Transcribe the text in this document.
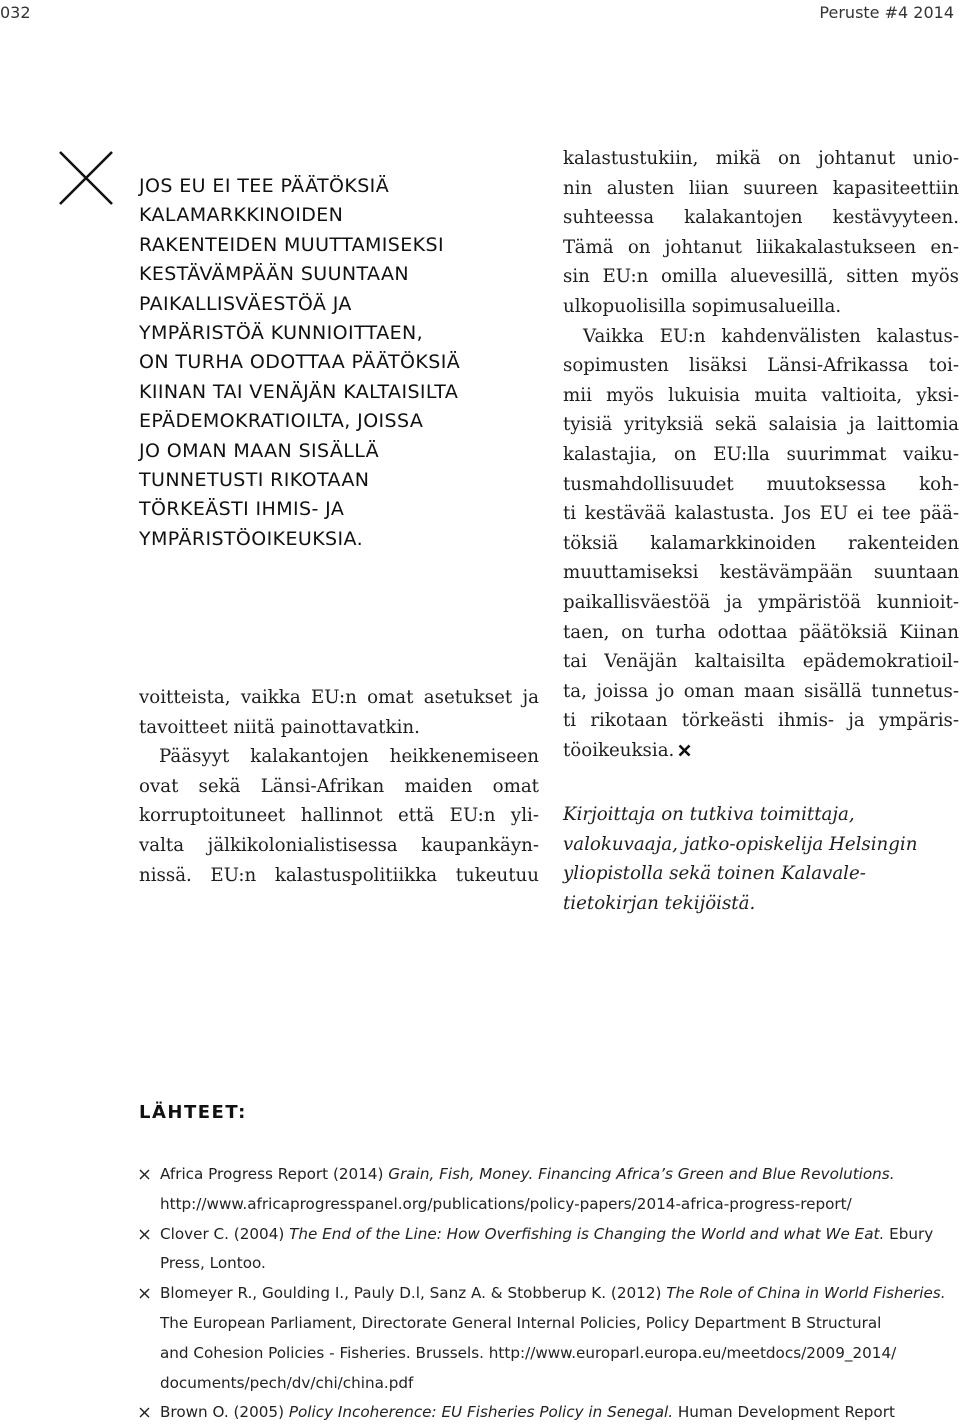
032	Peruste #4 2014
JOS EU EI TEE PÄÄTÖKSIÄ
KALAMARKKINOIDEN
RAKENTEIDEN MUUTTAMISEKSI
KESTÄVÄMPÄÄN SUUNTAAN
PAIKALLISVÄESTÖÄ JA
YMPÄRISTÖÄ KUNNIOITTAEN,
ON TURHA ODOTTAA PÄÄTÖKSIÄ
KIINAN TAI VENÄJÄN KALTAISILTA
EPÄDEMOKRATIOILTA, JOISSA
JO OMAN MAAN SISÄLLÄ
TUNNETUSTI RIKOTAAN
TÖRKEÄSTI IHMIS- JA
YMPÄRISTÖOIKEUKSIA.
voitteista, vaikka EU:n omat asetukset ja
tavoitteet niitä painottavatkin.
Pääsyyt kalakantojen heikkenemiseen
ovat sekä Länsi-Afrikan maiden omat
korruptoituneet hallinnot että EU:n yli-
valta jälkikolonialistisessa kaupankäyn-
nissä. EU:n kalastuspolitiikka tukeutuu
kalastustukiin, mikä on johtanut unio-
nin alusten liian suureen kapasiteettiin
suhteessa kalakantojen kestävyyteen.
Tämä on johtanut liikakalastukseen en-
sin EU:n omilla aluevesillä, sitten myös
ulkopuolisilla sopimusalueilla.
Vaikka EU:n kahdenvälisten kalastus-
sopimusten lisäksi Länsi-Afrikassa toi-
mii myös lukuisia muita valtioita, yksi-
tyisiä yrityksiä sekä salaisia ja laittomia
kalastajia, on EU:lla suurimmat vaiku-
tusmahdollisuudet muutoksessa koh-
ti kestävää kalastusta. Jos EU ei tee pää-
töksiä kalamarkkinoiden rakenteiden
muuttamiseksi kestävämpään suuntaan
paikallisväestöä ja ympäristöä kunnioit-
taen, on turha odottaa päätöksiä Kiinan
tai Venäjän kaltaisilta epädemokratioil-
ta, joissa jo oman maan sisällä tunnetus-
ti rikotaan törkeästi ihmis- ja ympäris-
töoikeuksia.
Kirjoittaja on tutkiva toimittaja,
valokuvaaja, jatko-opiskelija Helsingin
yliopistolla sekä toinen Kalavale-
tietokirjan tekijöistä.
LÄHTEET:
Africa Progress Report (2014) Grain, Fish, Money. Financing Africa’s Green and Blue Revolutions.
http://www.africaprogresspanel.org/publications/policy-papers/2014-africa-progress-report/
Clover C. (2004) The End of the Line: How Overfishing is Changing the World and what We Eat. Ebury
Press, Lontoo.
Blomeyer R., Goulding I., Pauly D.l, Sanz A. & Stobberup K. (2012) The Role of China in World Fisheries.
The European Parliament, Directorate General Internal Policies, Policy Department B Structural
and Cohesion Policies - Fisheries. Brussels. http://www.europarl.europa.eu/meetdocs/2009_2014/
documents/pech/dv/chi/china.pdf
Brown O. (2005) Policy Incoherence: EU Fisheries Policy in Senegal. Human Development Report
